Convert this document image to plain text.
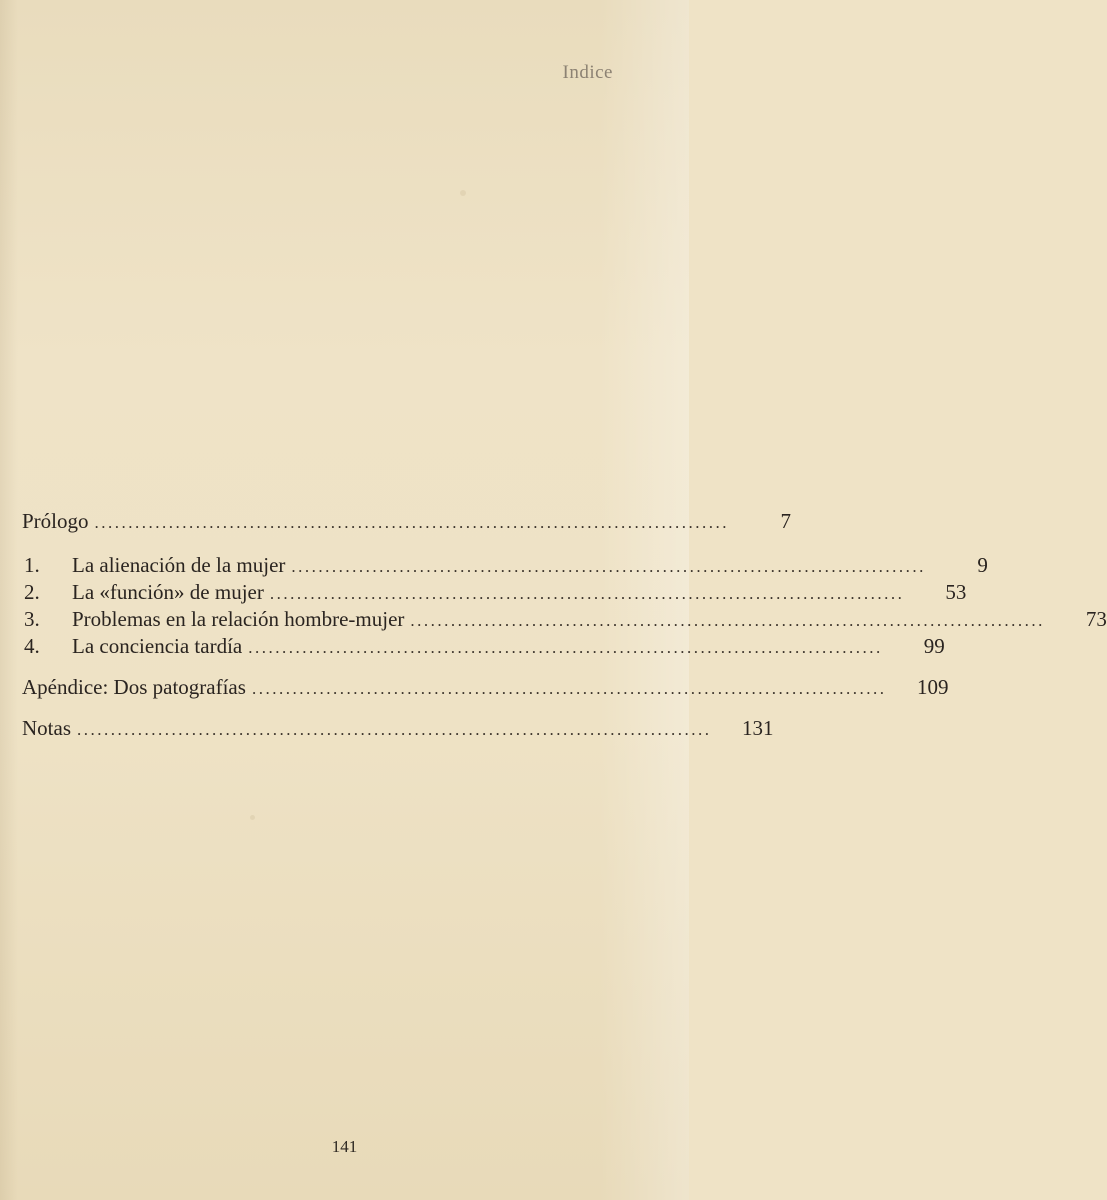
Indice
Prólogo ..............................................................................................	7
1.	La alienación de la mujer ..............................................................................................	9
2.	La «función» de mujer ..............................................................................................	53
3.	Problemas en la relación hombre-mujer ..............................................................................................	73
4.	La conciencia tardía ..............................................................................................	99
Apéndice: Dos patografías ..............................................................................................	109
Notas ..............................................................................................	131
141
